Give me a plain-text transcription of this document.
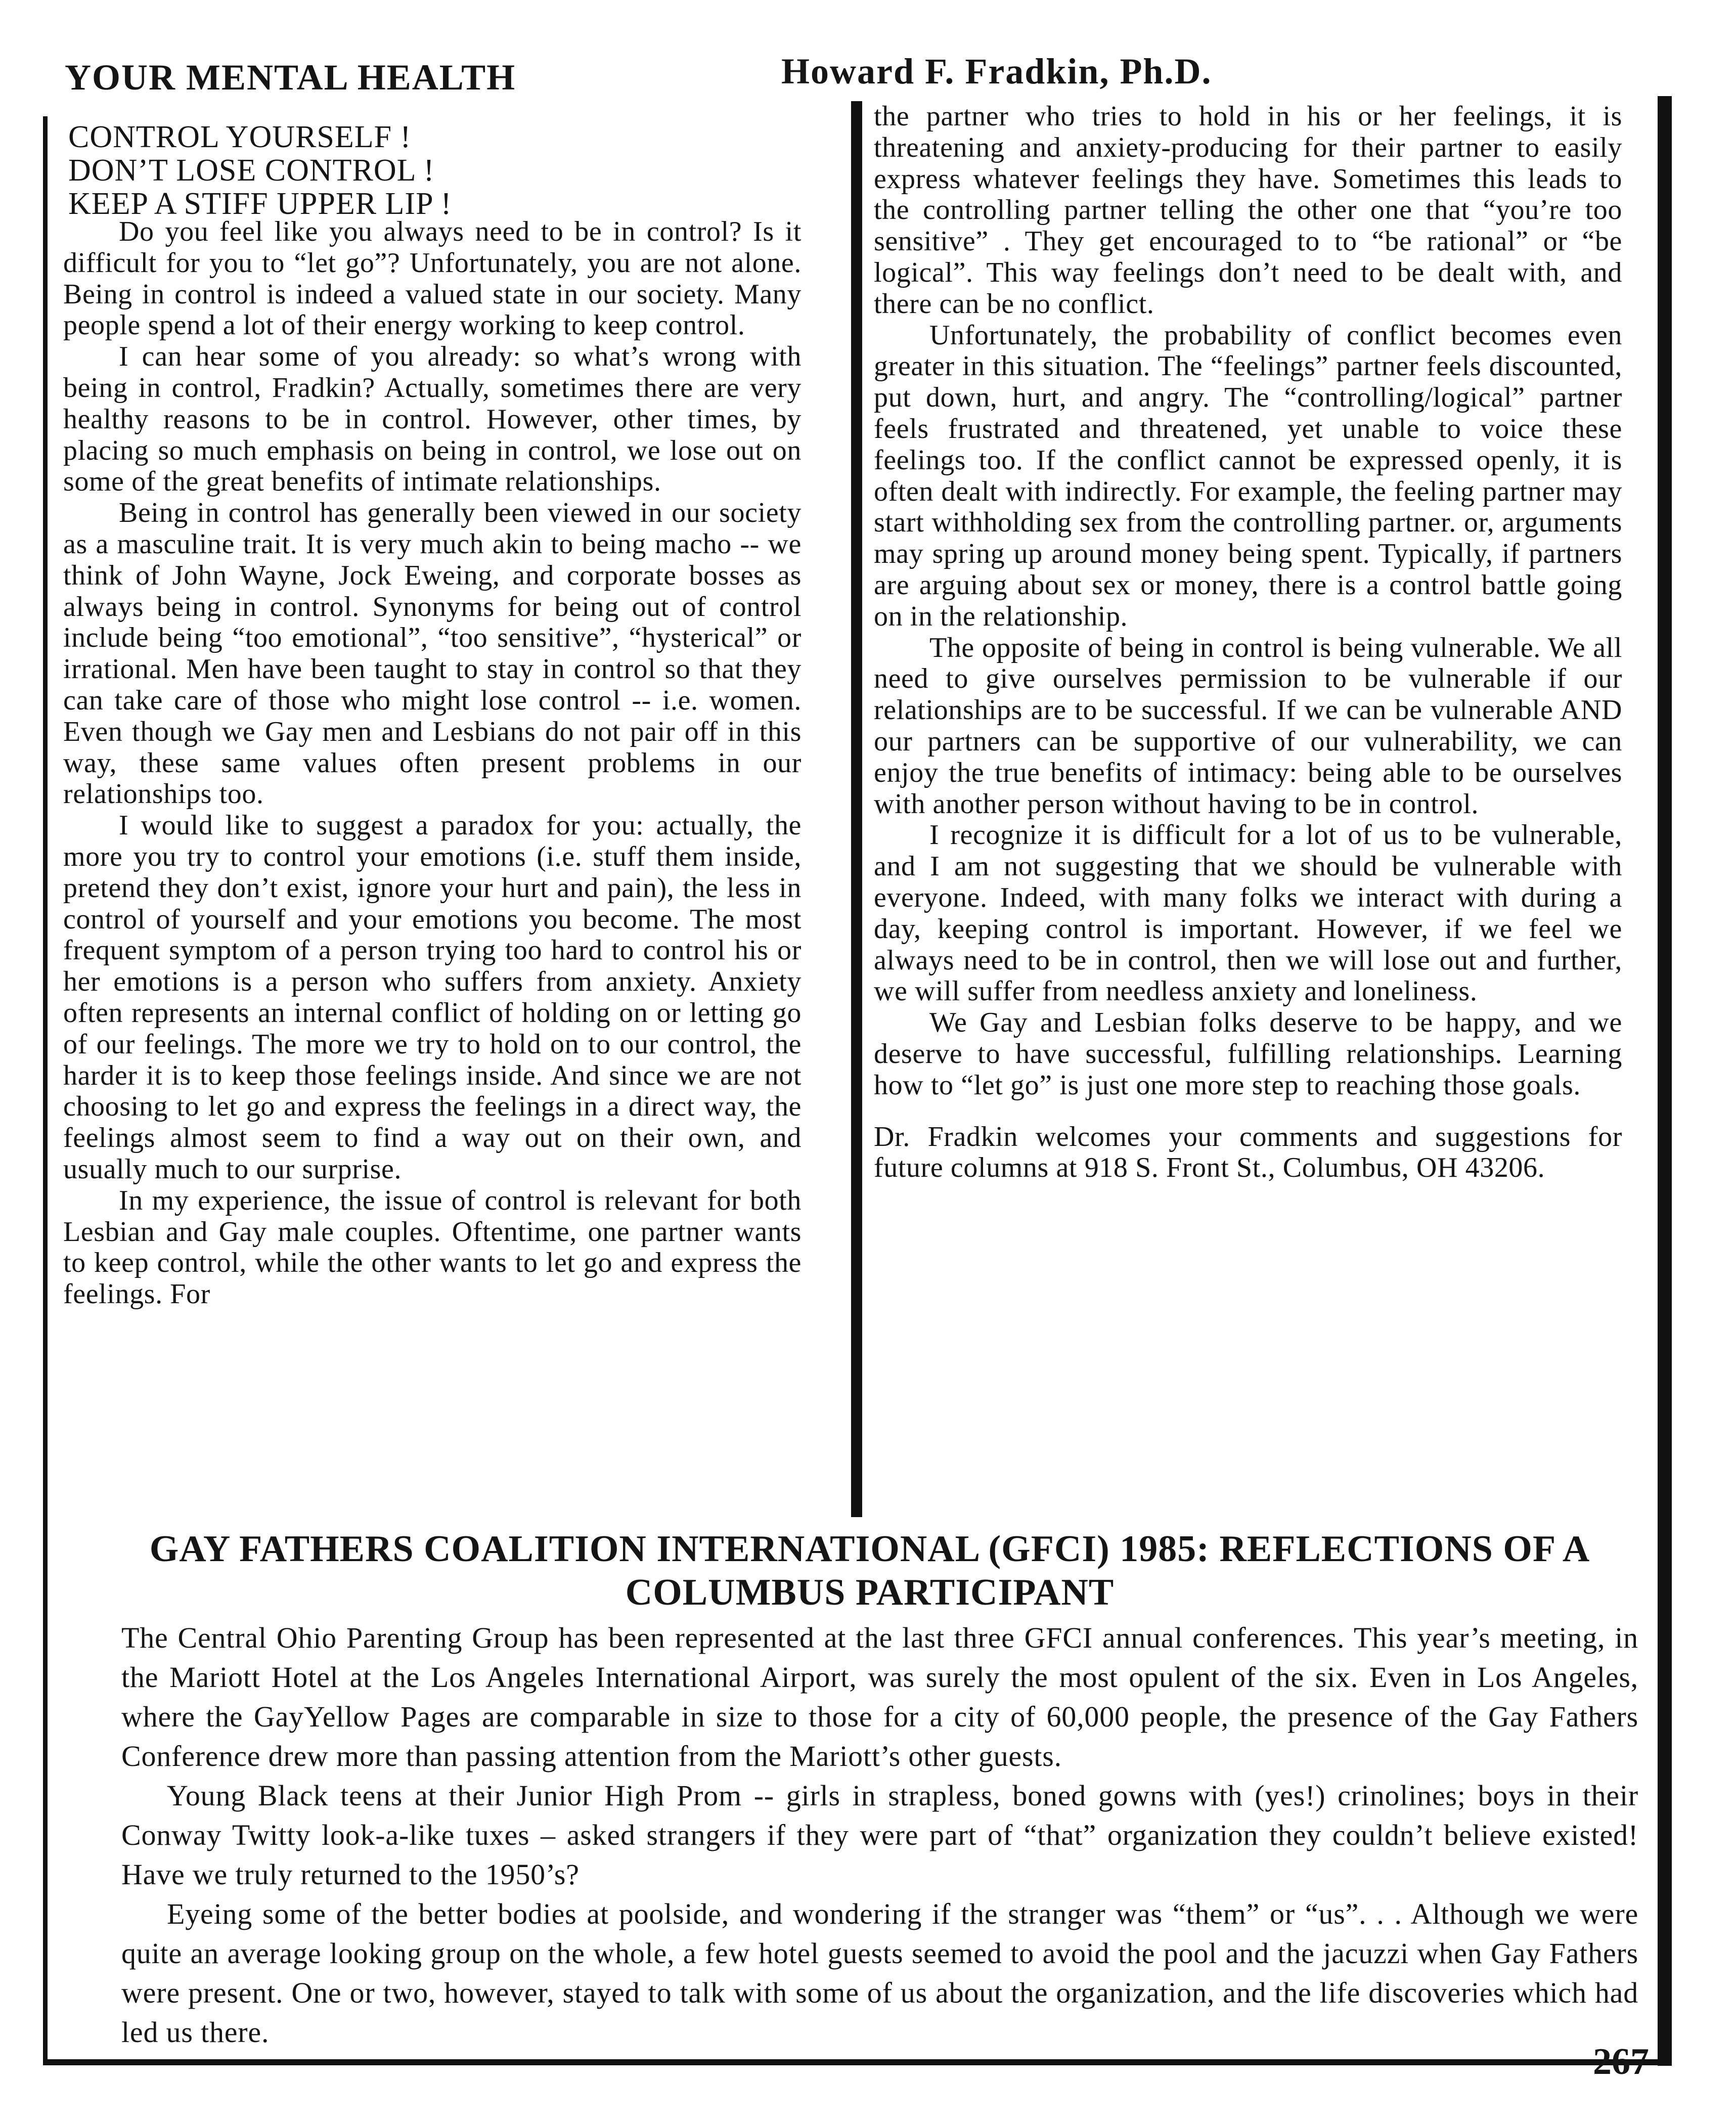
YOUR MENTAL HEALTH	Howard F. Fradkin, Ph.D.
CONTROL YOURSELF !
DON’T LOSE CONTROL !
KEEP A STIFF UPPER LIP !

Do you feel like you always need to be in control? Is it difficult for you to “let go”? Unfortunately, you are not alone. Being in control is indeed a valued state in our society. Many people spend a lot of their energy working to keep control.

I can hear some of you already: so what’s wrong with being in control, Fradkin? Actually, sometimes there are very healthy reasons to be in control. However, other times, by placing so much emphasis on being in control, we lose out on some of the great benefits of intimate relationships.

Being in control has generally been viewed in our society as a masculine trait. It is very much akin to being macho -- we think of John Wayne, Jock Eweing, and corporate bosses as always being in control. Synonyms for being out of control include being “too emotional”, “too sensitive”, “hysterical” or irrational. Men have been taught to stay in control so that they can take care of those who might lose control -- i.e. women. Even though we Gay men and Lesbians do not pair off in this way, these same values often present problems in our relationships too.

I would like to suggest a paradox for you: actually, the more you try to control your emotions (i.e. stuff them inside, pretend they don’t exist, ignore your hurt and pain), the less in control of yourself and your emotions you become. The most frequent symptom of a person trying too hard to control his or her emotions is a person who suffers from anxiety. Anxiety often represents an internal conflict of holding on or letting go of our feelings. The more we try to hold on to our control, the harder it is to keep those feelings inside. And since we are not choosing to let go and express the feelings in a direct way, the feelings almost seem to find a way out on their own, and usually much to our surprise.

In my experience, the issue of control is relevant for both Lesbian and Gay male couples. Oftentime, one partner wants to keep control, while the other wants to let go and express the feelings. For

the partner who tries to hold in his or her feelings, it is threatening and anxiety-producing for their partner to easily express whatever feelings they have. Sometimes this leads to the controlling partner telling the other one that “you’re too sensitive” . They get encouraged to to “be rational” or “be logical”. This way feelings don’t need to be dealt with, and there can be no conflict.

Unfortunately, the probability of conflict becomes even greater in this situation. The “feelings” partner feels discounted, put down, hurt, and angry. The “controlling/logical” partner feels frustrated and threatened, yet unable to voice these feelings too. If the conflict cannot be expressed openly, it is often dealt with indirectly. For example, the feeling partner may start withholding sex from the controlling partner. or, arguments may spring up around money being spent. Typically, if partners are arguing about sex or money, there is a control battle going on in the relationship.

The opposite of being in control is being vulnerable. We all need to give ourselves permission to be vulnerable if our relationships are to be successful. If we can be vulnerable AND our partners can be supportive of our vulnerability, we can enjoy the true benefits of intimacy: being able to be ourselves with another person without having to be in control.

I recognize it is difficult for a lot of us to be vulnerable, and I am not suggesting that we should be vulnerable with everyone. Indeed, with many folks we interact with during a day, keeping control is important. However, if we feel we always need to be in control, then we will lose out and further, we will suffer from needless anxiety and loneliness.

We Gay and Lesbian folks deserve to be happy, and we deserve to have successful, fulfilling relationships. Learning how to “let go” is just one more step to reaching those goals.

Dr. Fradkin welcomes your comments and suggestions for future columns at 918 S. Front St., Columbus, OH 43206.

GAY FATHERS COALITION INTERNATIONAL (GFCI) 1985: REFLECTIONS OF A COLUMBUS PARTICIPANT

The Central Ohio Parenting Group has been represented at the last three GFCI annual conferences. This year’s meeting, in the Mariott Hotel at the Los Angeles International Airport, was surely the most opulent of the six. Even in Los Angeles, where the GayYellow Pages are comparable in size to those for a city of 60,000 people, the presence of the Gay Fathers Conference drew more than passing attention from the Mariott’s other guests.

Young Black teens at their Junior High Prom -- girls in strapless, boned gowns with (yes!) crinolines; boys in their Conway Twitty look-a-like tuxes – asked strangers if they were part of “that” organization they couldn’t believe existed! Have we truly returned to the 1950’s?

Eyeing some of the better bodies at poolside, and wondering if the stranger was “them” or “us”. . . Although we were quite an average looking group on the whole, a few hotel guests seemed to avoid the pool and the jacuzzi when Gay Fathers were present. One or two, however, stayed to talk with some of us about the organization, and the life discoveries which had led us there.

267
